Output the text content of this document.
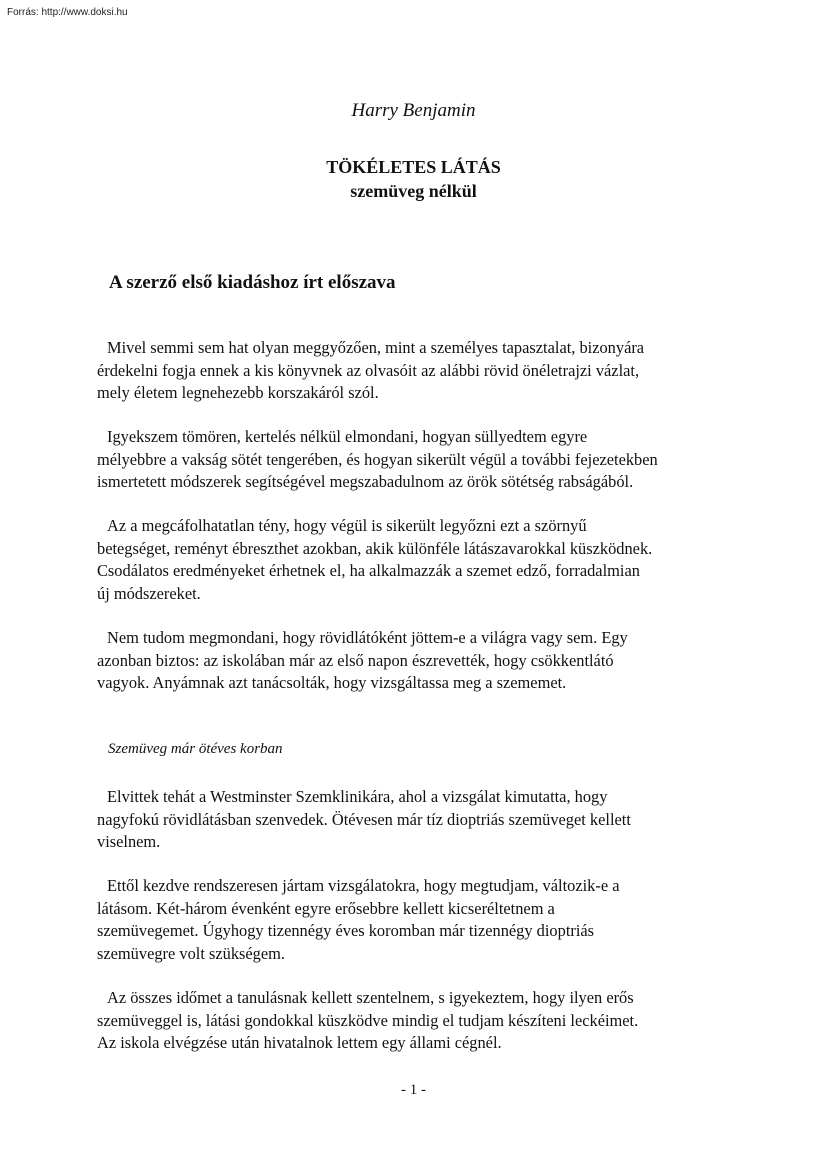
Forrás: http://www.doksi.hu
Harry Benjamin
TÖKÉLETES LÁTÁS
szemüveg nélkül
A szerző első kiadáshoz írt előszava

Mivel semmi sem hat olyan meggyőzően, mint a személyes tapasztalat, bizonyára
érdekelni fogja ennek a kis könyvnek az olvasóit az alábbi rövid önéletrajzi vázlat,
mely életem legnehezebb korszakáról szól.

Igyekszem tömören, kertelés nélkül elmondani, hogyan süllyedtem egyre
mélyebbre a vakság sötét tengerében, és hogyan sikerült végül a további fejezetekben
ismertetett módszerek segítségével megszabadulnom az örök sötétség rabságából.

Az a megcáfolhatatlan tény, hogy végül is sikerült legyőzni ezt a szörnyű
betegséget, reményt ébreszthet azokban, akik különféle látászavarokkal küszködnek.
Csodálatos eredményeket érhetnek el, ha alkalmazzák a szemet edző, forradalmian
új módszereket.

Nem tudom megmondani, hogy rövidlátóként jöttem-e a világra vagy sem. Egy
azonban biztos: az iskolában már az első napon észrevették, hogy csökkentlátó
vagyok. Anyámnak azt tanácsolták, hogy vizsgáltassa meg a szememet.

Szemüveg már ötéves korban

Elvittek tehát a Westminster Szemklinikára, ahol a vizsgálat kimutatta, hogy
nagyfokú rövidlátásban szenvedek. Ötévesen már tíz dioptriás szemüveget kellett
viselnem.

Ettől kezdve rendszeresen jártam vizsgálatokra, hogy megtudjam, változik-e a
látásom. Két-három évenként egyre erősebbre kellett kicseréltetnem a
szemüvegemet. Úgyhogy tizennégy éves koromban már tizennégy dioptriás
szemüvegre volt szükségem.

Az összes időmet a tanulásnak kellett szentelnem, s igyekeztem, hogy ilyen erős
szemüveggel is, látási gondokkal küszködve mindig el tudjam készíteni leckéimet.
Az iskola elvégzése után hivatalnok lettem egy állami cégnél.

- 1 -
